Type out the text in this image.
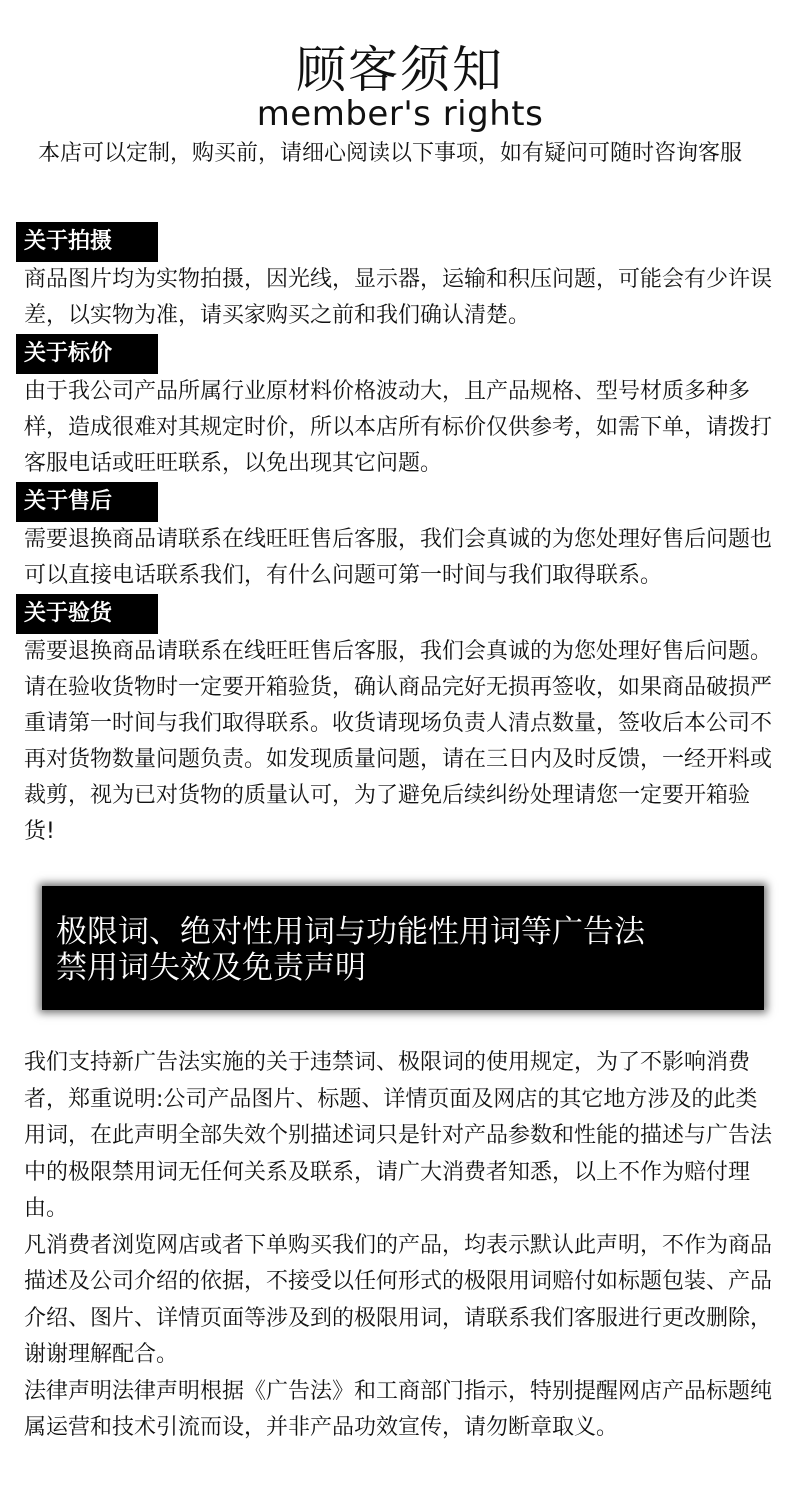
顾客须知
member's rights

本店可以定制，购买前，请细心阅读以下事项，如有疑问可随时咨询客服

关于拍摄

商品图片均为实物拍摄，因光线，显示器，运输和积压问题，可能会有少许误差，以实物为准，请买家购买之前和我们确认清楚。

关于标价

由于我公司产品所属行业原材料价格波动大，且产品规格、型号材质多种多样，造成很难对其规定时价，所以本店所有标价仅供参考，如需下单，请拨打客服电话或旺旺联系，以免出现其它问题。

关于售后

需要退换商品请联系在线旺旺售后客服，我们会真诚的为您处理好售后问题也可以直接电话联系我们，有什么问题可第一时间与我们取得联系。

关于验货

需要退换商品请联系在线旺旺售后客服，我们会真诚的为您处理好售后问题。请在验收货物时一定要开箱验货，确认商品完好无损再签收，如果商品破损严重请第一时间与我们取得联系。收货请现场负责人清点数量，签收后本公司不再对货物数量问题负责。如发现质量问题，请在三日内及时反馈，一经开料或裁剪，视为已对货物的质量认可，为了避免后续纠纷处理请您一定要开箱验货!

极限词、绝对性用词与功能性用词等广告法
禁用词失效及免责声明

我们支持新广告法实施的关于违禁词、极限词的使用规定，为了不影响消费者，郑重说明:公司产品图片、标题、详情页面及网店的其它地方涉及的此类用词，在此声明全部失效个别描述词只是针对产品参数和性能的描述与广告法中的极限禁用词无任何关系及联系，请广大消费者知悉，以上不作为赔付理由。

凡消费者浏览网店或者下单购买我们的产品，均表示默认此声明，不作为商品描述及公司介绍的依据，不接受以任何形式的极限用词赔付如标题包装、产品介绍、图片、详情页面等涉及到的极限用词，请联系我们客服进行更改删除，谢谢理解配合。

法律声明法律声明根据《广告法》和工商部门指示，特别提醒网店产品标题纯属运营和技术引流而设，并非产品功效宣传，请勿断章取义。
